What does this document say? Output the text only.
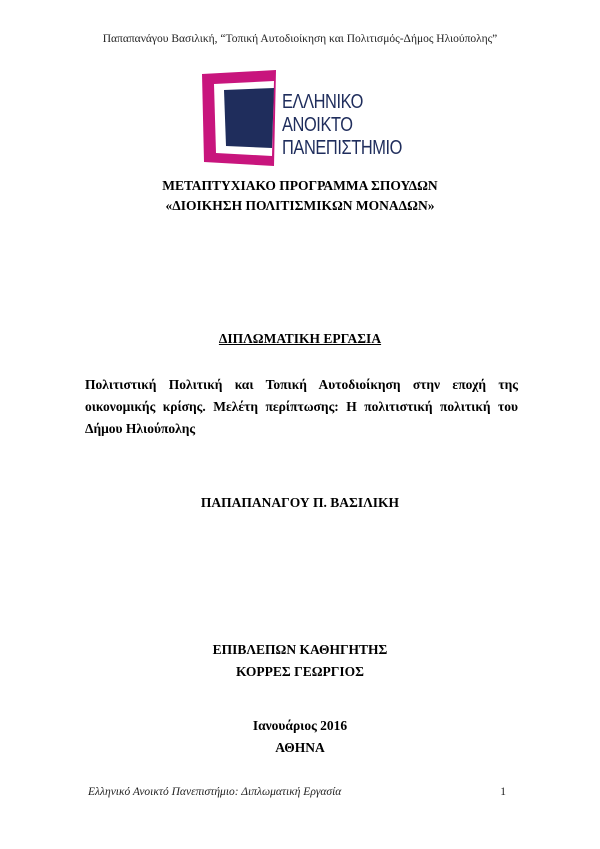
Παπαπανάγου Βασιλική, “Τοπική Αυτοδιοίκηση και Πολιτισμός-Δήμος Ηλιούπολης”
ΕΛΛΗΝΙΚΟ
ΑΝΟΙΚΤΟ
ΠΑΝΕΠΙΣΤΗΜΙΟ
ΜΕΤΑΠΤΥΧΙΑΚΟ ΠΡΟΓΡΑΜΜΑ ΣΠΟΥΔΩΝ
«ΔΙΟΙΚΗΣΗ ΠΟΛΙΤΙΣΜΙΚΩΝ ΜΟΝΑΔΩΝ»
ΔΙΠΛΩΜΑΤΙΚΗ ΕΡΓΑΣΙΑ
Πολιτιστική Πολιτική και Τοπική Αυτοδιοίκηση στην εποχή της οικονομικής κρίσης. Μελέτη περίπτωσης: Η πολιτιστική πολιτική του Δήμου Ηλιούπολης
ΠΑΠΑΠΑΝΑΓΟΥ Π. ΒΑΣΙΛΙΚΗ
ΕΠΙΒΛΕΠΩΝ ΚΑΘΗΓΗΤΗΣ
ΚΟΡΡΕΣ ΓΕΩΡΓΙΟΣ
Ιανουάριος 2016
ΑΘΗΝΑ
Ελληνικό Ανοικτό Πανεπιστήμιο: Διπλωματική Εργασία	1
